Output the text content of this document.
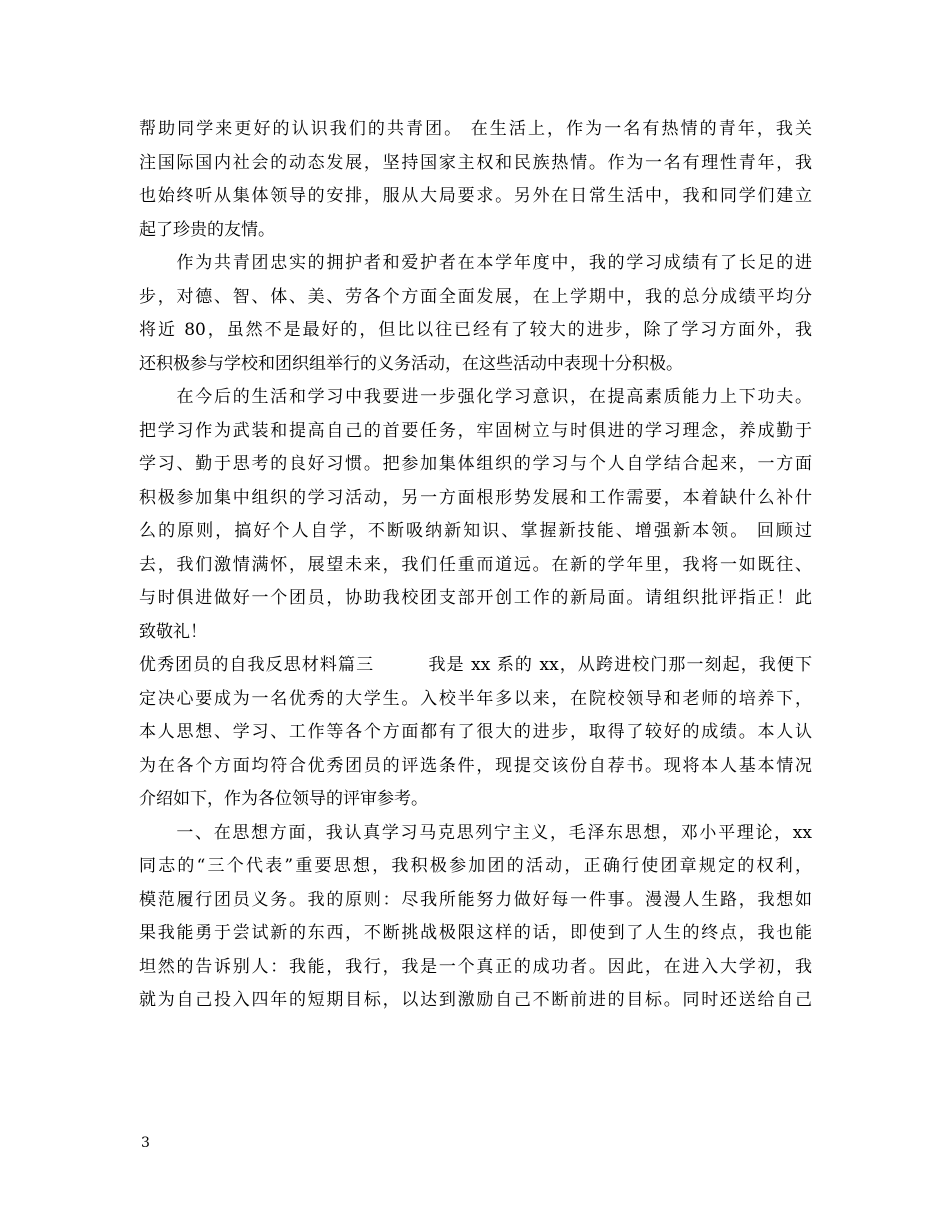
帮助同学来更好的认识我们的共青团。 在生活上，作为一名有热情的青年，我关
注国际国内社会的动态发展，坚持国家主权和民族热情。作为一名有理性青年，我
也始终听从集体领导的安排，服从大局要求。另外在日常生活中，我和同学们建立
起了珍贵的友情。
　　作为共青团忠实的拥护者和爱护者在本学年度中，我的学习成绩有了长足的进
步，对德、智、体、美、劳各个方面全面发展，在上学期中，我的总分成绩平均分
将近 80，虽然不是最好的，但比以往已经有了较大的进步，除了学习方面外，我
还积极参与学校和团织组举行的义务活动，在这些活动中表现十分积极。
　　在今后的生活和学习中我要进一步强化学习意识，在提高素质能力上下功夫。
把学习作为武装和提高自己的首要任务，牢固树立与时俱进的学习理念，养成勤于
学习、勤于思考的良好习惯。把参加集体组织的学习与个人自学结合起来，一方面
积极参加集中组织的学习活动，另一方面根形势发展和工作需要，本着缺什么补什
么的原则，搞好个人自学，不断吸纳新知识、掌握新技能、增强新本领。 回顾过
去，我们激情满怀，展望未来，我们任重而道远。在新的学年里，我将一如既往、
与时俱进做好一个团员，协助我校团支部开创工作的新局面。请组织批评指正！此
致敬礼！
优秀团员的自我反思材料篇三　　　我是 xx 系的 xx，从跨进校门那一刻起，我便下
定决心要成为一名优秀的大学生。入校半年多以来，在院校领导和老师的培养下，
本人思想、学习、工作等各个方面都有了很大的进步，取得了较好的成绩。本人认
为在各个方面均符合优秀团员的评选条件，现提交该份自荐书。现将本人基本情况
介绍如下，作为各位领导的评审参考。
　　一、在思想方面，我认真学习马克思列宁主义，毛泽东思想，邓小平理论，xx
同志的“三个代表”重要思想，我积极参加团的活动，正确行使团章规定的权利，
模范履行团员义务。我的原则：尽我所能努力做好每一件事。漫漫人生路，我想如
果我能勇于尝试新的东西，不断挑战极限这样的话，即使到了人生的终点，我也能
坦然的告诉别人：我能，我行，我是一个真正的成功者。因此，在进入大学初，我
就为自己投入四年的短期目标，以达到激励自己不断前进的目标。同时还送给自己
3
